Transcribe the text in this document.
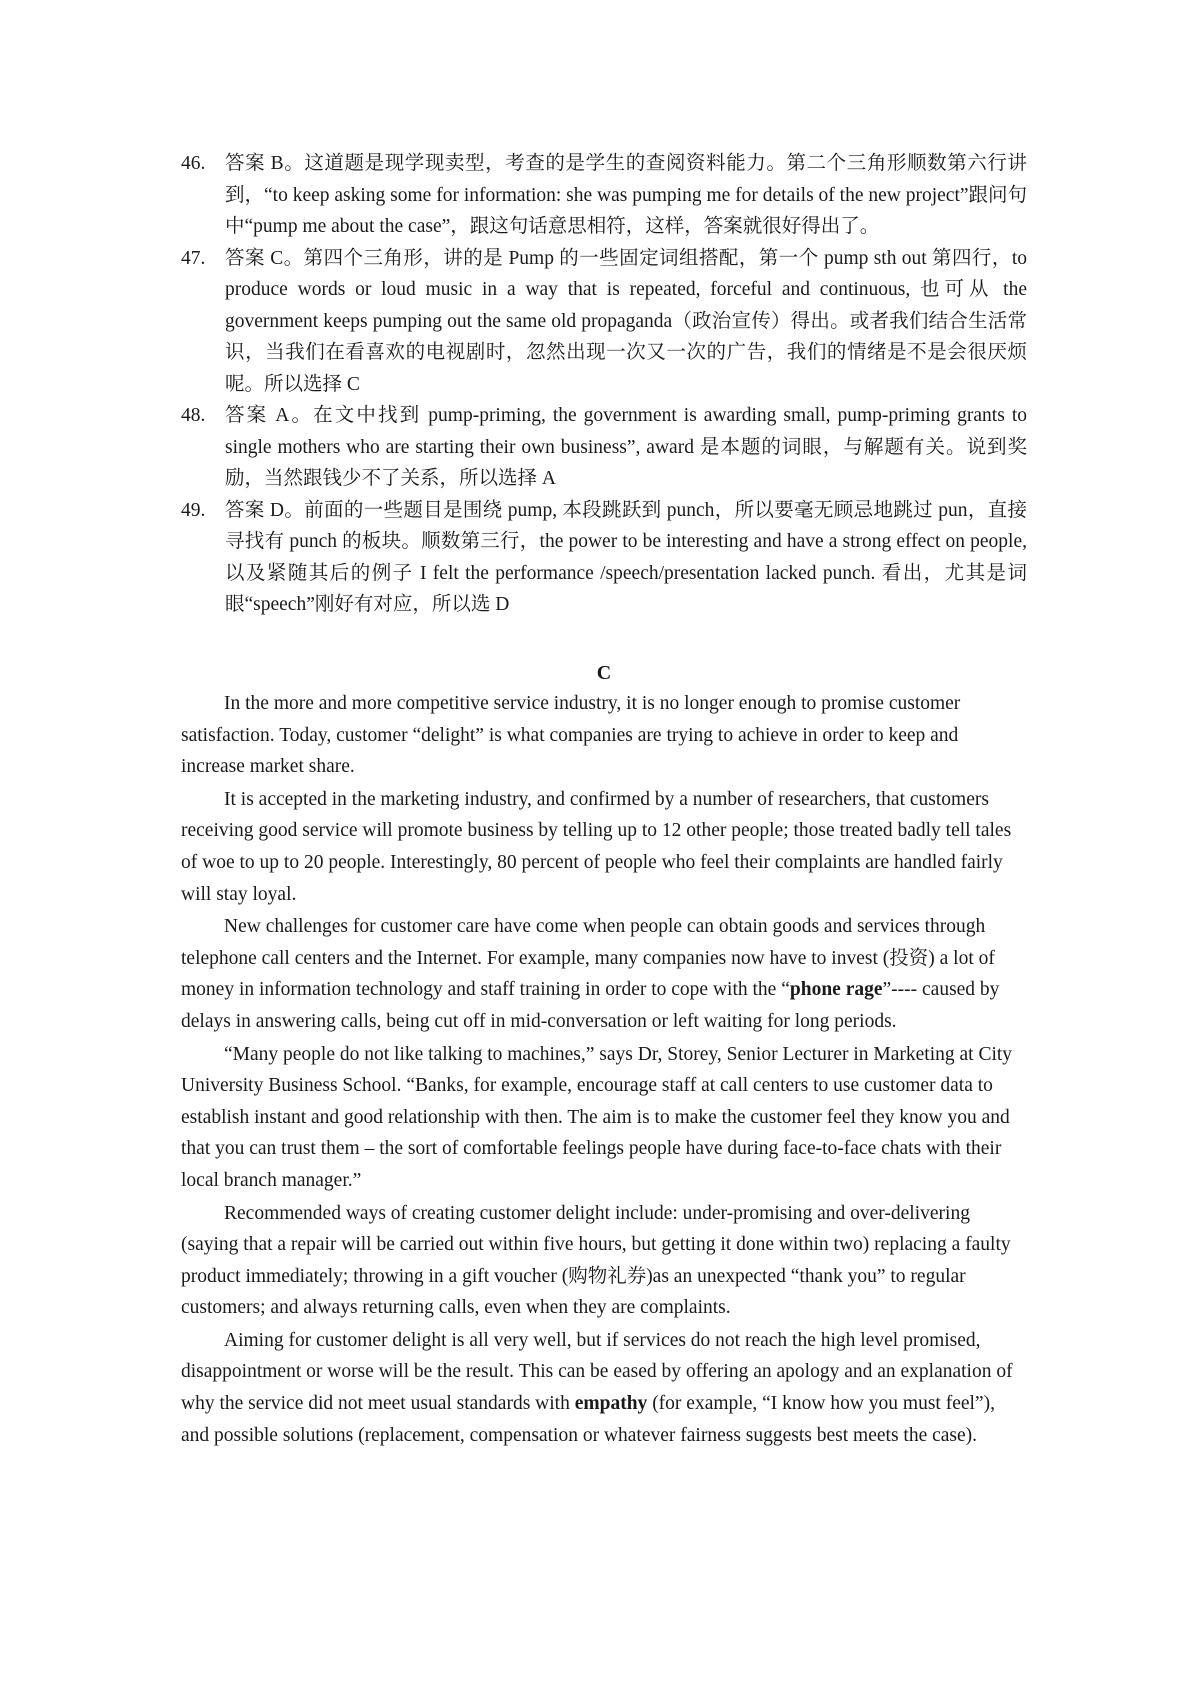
46. 答案 B。这道题是现学现卖型，考查的是学生的查阅资料能力。第二个三角形顺数第六行讲到，“to keep asking some for information: she was pumping me for details of the new project”跟问句中“pump me about the case”，跟这句话意思相符，这样，答案就很好得出了。
47. 答案 C。第四个三角形，讲的是 Pump 的一些固定词组搭配，第一个 pump sth out 第四行，to produce words or loud music in a way that is repeated, forceful and continuous, 也可从 the government keeps pumping out the same old propaganda（政治宣传）得出。或者我们结合生活常识，当我们在看喜欢的电视剧时，忽然出现一次又一次的广告，我们的情绪是不是会很厌烦呢。所以选择 C
48. 答案 A。在文中找到 pump-priming, the government is awarding small, pump-priming grants to single mothers who are starting their own business”, award 是本题的词眼，与解题有关。说到奖励，当然跟钱少不了关系，所以选择 A
49. 答案 D。前面的一些题目是围绕 pump, 本段跳跃到 punch，所以要毫无顾忌地跳过 pun，直接寻找有 punch 的板块。顺数第三行，the power to be interesting and have a strong effect on people, 以及紧随其后的例子 I felt the performance /speech/presentation lacked punch. 看出，尤其是词眼“speech”刚好有对应，所以选 D
C

In the more and more competitive service industry, it is no longer enough to promise customer satisfaction. Today, customer “delight” is what companies are trying to achieve in order to keep and increase market share.

It is accepted in the marketing industry, and confirmed by a number of researchers, that customers receiving good service will promote business by telling up to 12 other people; those treated badly tell tales of woe to up to 20 people. Interestingly, 80 percent of people who feel their complaints are handled fairly will stay loyal.

New challenges for customer care have come when people can obtain goods and services through telephone call centers and the Internet. For example, many companies now have to invest (投资) a lot of money in information technology and staff training in order to cope with the “phone rage”---- caused by delays in answering calls, being cut off in mid-conversation or left waiting for long periods.

“Many people do not like talking to machines,” says Dr, Storey, Senior Lecturer in Marketing at City University Business School. “Banks, for example, encourage staff at call centers to use customer data to establish instant and good relationship with then. The aim is to make the customer feel they know you and that you can trust them – the sort of comfortable feelings people have during face-to-face chats with their local branch manager.”

Recommended ways of creating customer delight include: under-promising and over-delivering (saying that a repair will be carried out within five hours, but getting it done within two) replacing a faulty product immediately; throwing in a gift voucher (购物礼券)as an unexpected “thank you” to regular customers; and always returning calls, even when they are complaints.

Aiming for customer delight is all very well, but if services do not reach the high level promised, disappointment or worse will be the result. This can be eased by offering an apology and an explanation of why the service did not meet usual standards with empathy (for example, “I know how you must feel”), and possible solutions (replacement, compensation or whatever fairness suggests best meets the case).
